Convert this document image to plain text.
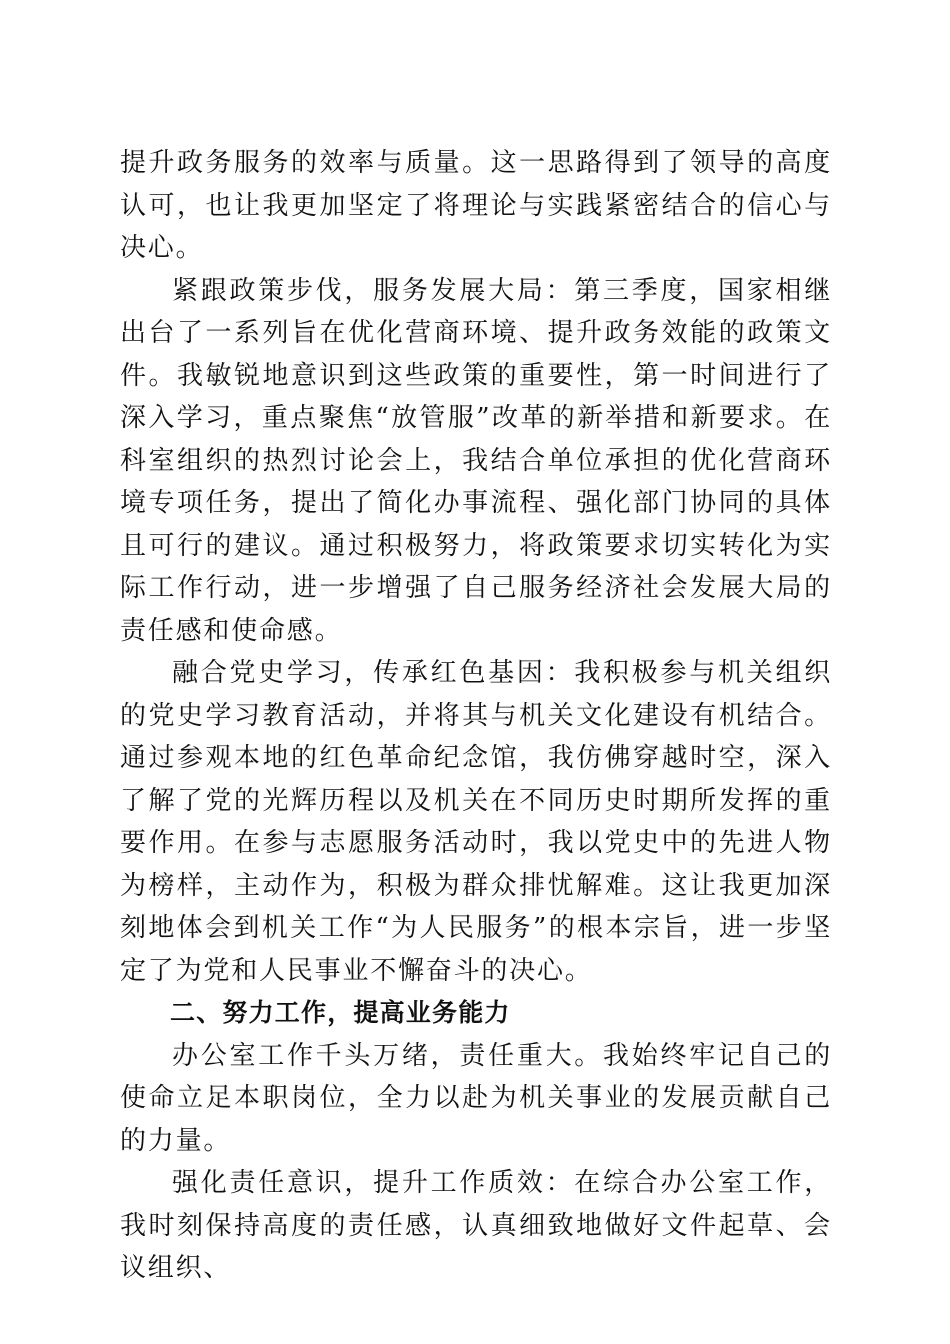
提升政务服务的效率与质量。这一思路得到了领导的高度认可，也让我更加坚定了将理论与实践紧密结合的信心与决心。

紧跟政策步伐，服务发展大局：第三季度，国家相继出台了一系列旨在优化营商环境、提升政务效能的政策文件。我敏锐地意识到这些政策的重要性，第一时间进行了深入学习，重点聚焦“放管服”改革的新举措和新要求。在科室组织的热烈讨论会上，我结合单位承担的优化营商环境专项任务，提出了简化办事流程、强化部门协同的具体且可行的建议。通过积极努力，将政策要求切实转化为实际工作行动，进一步增强了自己服务经济社会发展大局的责任感和使命感。

融合党史学习，传承红色基因：我积极参与机关组织的党史学习教育活动，并将其与机关文化建设有机结合。通过参观本地的红色革命纪念馆，我仿佛穿越时空，深入了解了党的光辉历程以及机关在不同历史时期所发挥的重要作用。在参与志愿服务活动时，我以党史中的先进人物为榜样，主动作为，积极为群众排忧解难。这让我更加深刻地体会到机关工作“为人民服务”的根本宗旨，进一步坚定了为党和人民事业不懈奋斗的决心。

二、努力工作，提高业务能力

办公室工作千头万绪，责任重大。我始终牢记自己的使命立足本职岗位，全力以赴为机关事业的发展贡献自己的力量。

强化责任意识，提升工作质效：在综合办公室工作，我时刻保持高度的责任感，认真细致地做好文件起草、会议组织、
